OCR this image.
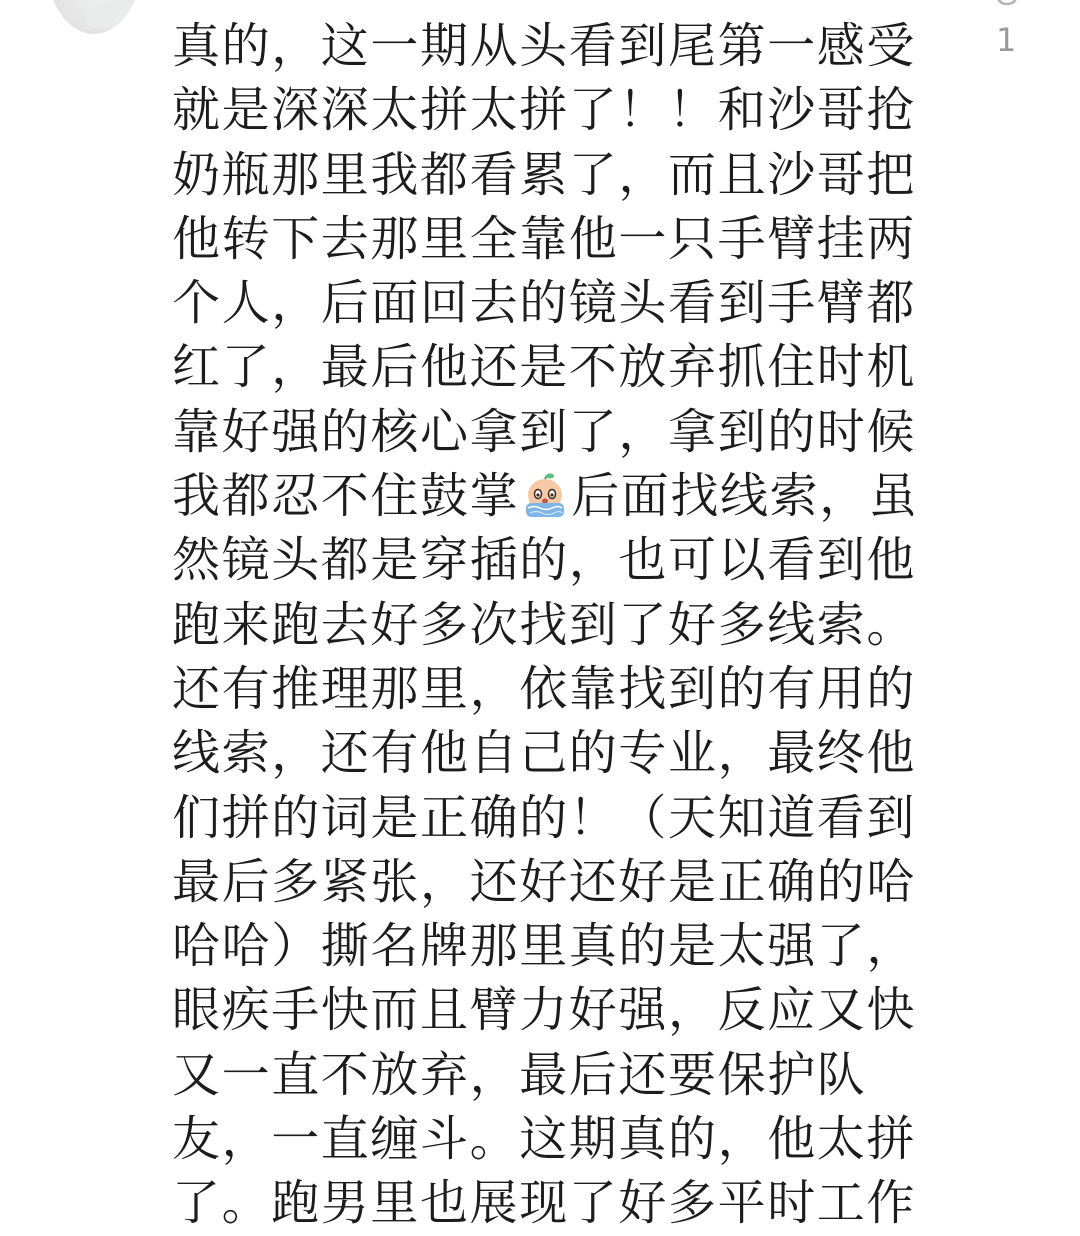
1
真的，这一期从头看到尾第一感受
就是深深太拼太拼了！！和沙哥抢
奶瓶那里我都看累了，而且沙哥把
他转下去那里全靠他一只手臂挂两
个人，后面回去的镜头看到手臂都
红了，最后他还是不放弃抓住时机
靠好强的核心拿到了，拿到的时候
我都忍不住鼓掌 后面找线索，虽
然镜头都是穿插的，也可以看到他
跑来跑去好多次找到了好多线索。
还有推理那里，依靠找到的有用的
线索，还有他自己的专业，最终他
们拼的词是正确的！（天知道看到
最后多紧张，还好还好是正确的哈
哈哈）撕名牌那里真的是太强了，
眼疾手快而且臂力好强，反应又快
又一直不放弃，最后还要保护队
友，一直缠斗。这期真的，他太拼
了。跑男里也展现了好多平时工作
